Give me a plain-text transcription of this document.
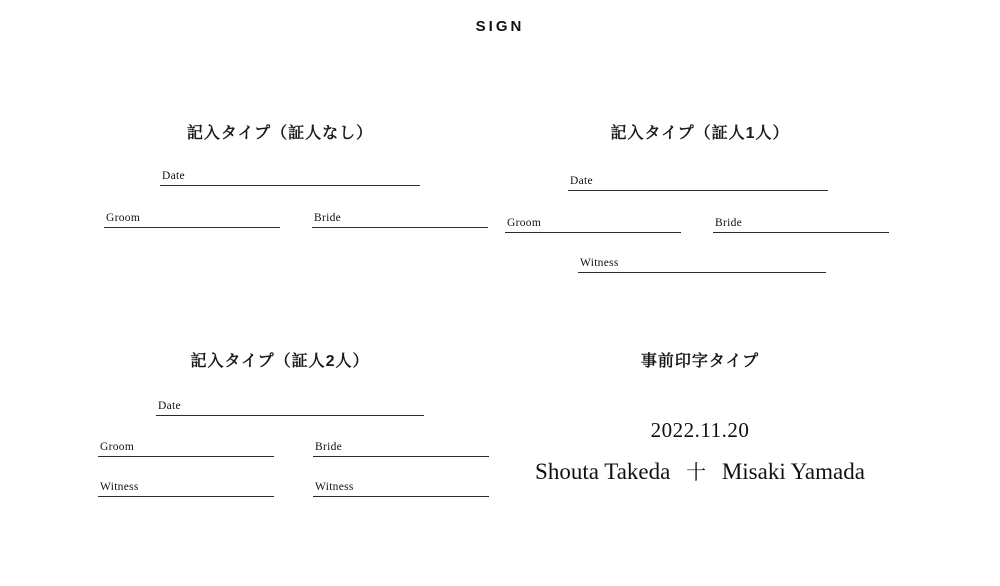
SIGN
記入タイプ（証人なし）
Date
Groom	Bride
記入タイプ（証人1人）
Date
Groom	Bride
Witness
記入タイプ（証人2人）
Date
Groom	Bride
Witness	Witness
事前印字タイプ
2022.11.20
Shouta Takeda 十 Misaki Yamada
